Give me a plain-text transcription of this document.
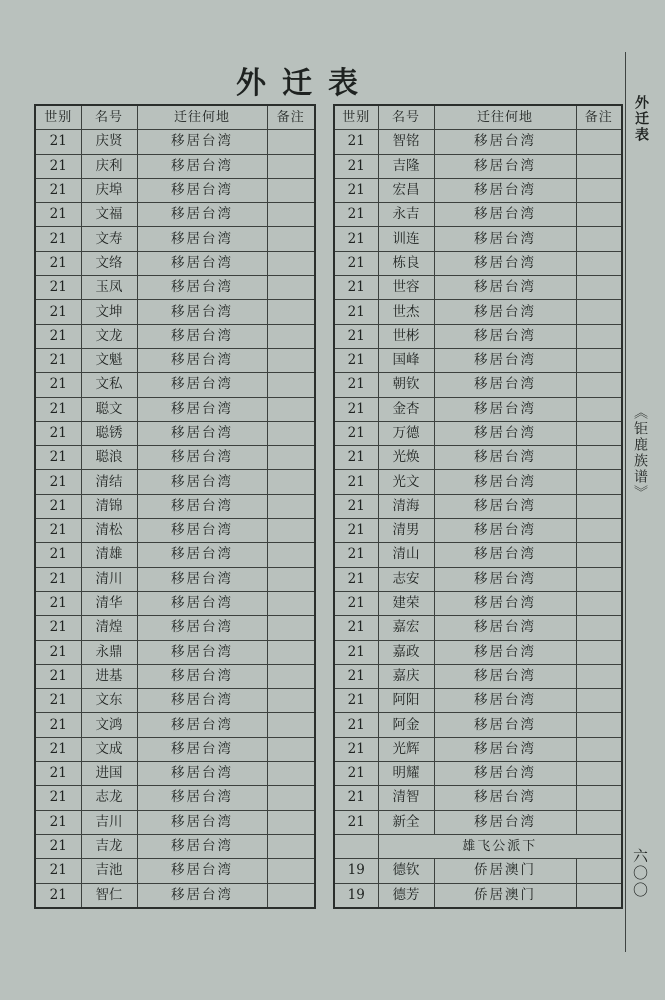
外迁表
世别	名号	迁往何地	备注
21	庆贤	移居台湾	
21	庆利	移居台湾	
21	庆埠	移居台湾	
21	文福	移居台湾	
21	文寿	移居台湾	
21	文络	移居台湾	
21	玉凤	移居台湾	
21	文坤	移居台湾	
21	文龙	移居台湾	
21	文魁	移居台湾	
21	文私	移居台湾	
21	聪文	移居台湾	
21	聪锈	移居台湾	
21	聪浪	移居台湾	
21	清结	移居台湾	
21	清锦	移居台湾	
21	清松	移居台湾	
21	清雄	移居台湾	
21	清川	移居台湾	
21	清华	移居台湾	
21	清煌	移居台湾	
21	永鼎	移居台湾	
21	进基	移居台湾	
21	文东	移居台湾	
21	文鸿	移居台湾	
21	文成	移居台湾	
21	进国	移居台湾	
21	志龙	移居台湾	
21	吉川	移居台湾	
21	吉龙	移居台湾	
21	吉池	移居台湾	
21	智仁	移居台湾	
世别	名号	迁往何地	备注
21	智铭	移居台湾	
21	吉隆	移居台湾	
21	宏昌	移居台湾	
21	永吉	移居台湾	
21	训连	移居台湾	
21	栋良	移居台湾	
21	世容	移居台湾	
21	世杰	移居台湾	
21	世彬	移居台湾	
21	国峰	移居台湾	
21	朝钦	移居台湾	
21	金杏	移居台湾	
21	万德	移居台湾	
21	光焕	移居台湾	
21	光文	移居台湾	
21	清海	移居台湾	
21	清男	移居台湾	
21	清山	移居台湾	
21	志安	移居台湾	
21	建荣	移居台湾	
21	嘉宏	移居台湾	
21	嘉政	移居台湾	
21	嘉庆	移居台湾	
21	阿阳	移居台湾	
21	阿金	移居台湾	
21	光辉	移居台湾	
21	明耀	移居台湾	
21	清智	移居台湾	
21	新全	移居台湾	
	雄飞公派下		
19	德钦	侨居澳门	
19	德芳	侨居澳门	
外迁表
《钜鹿族谱》
六〇〇
